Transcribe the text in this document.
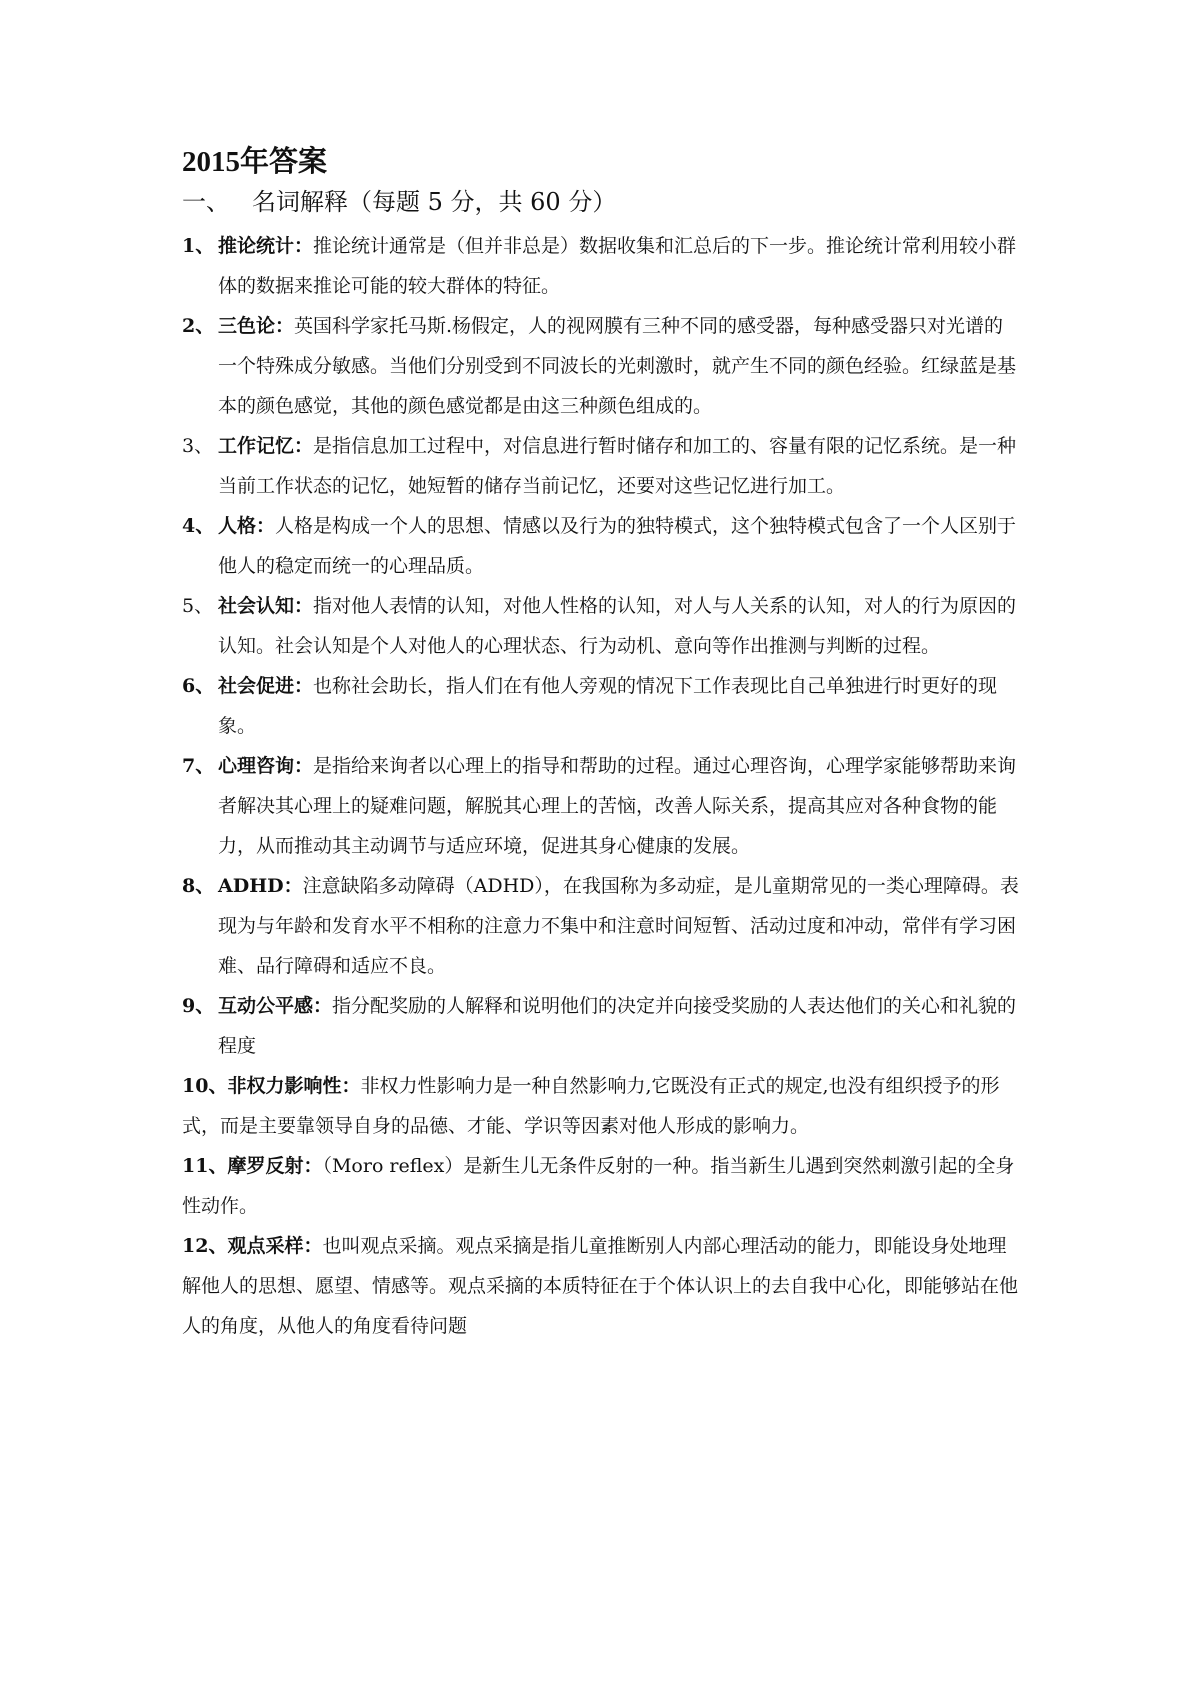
2015年答案
一、 名词解释（每题 5 分，共 60 分）

1、 推论统计：推论统计通常是（但并非总是）数据收集和汇总后的下一步。推论统计常利用较小群体的数据来推论可能的较大群体的特征。

2、 三色论：英国科学家托马斯.杨假定，人的视网膜有三种不同的感受器，每种感受器只对光谱的一个特殊成分敏感。当他们分别受到不同波长的光刺激时，就产生不同的颜色经验。红绿蓝是基本的颜色感觉，其他的颜色感觉都是由这三种颜色组成的。

3、 工作记忆：是指信息加工过程中，对信息进行暂时储存和加工的、容量有限的记忆系统。是一种当前工作状态的记忆，她短暂的储存当前记忆，还要对这些记忆进行加工。

4、 人格：人格是构成一个人的思想、情感以及行为的独特模式，这个独特模式包含了一个人区别于他人的稳定而统一的心理品质。

5、 社会认知：指对他人表情的认知，对他人性格的认知，对人与人关系的认知，对人的行为原因的认知。社会认知是个人对他人的心理状态、行为动机、意向等作出推测与判断的过程。

6、 社会促进：也称社会助长，指人们在有他人旁观的情况下工作表现比自己单独进行时更好的现象。

7、 心理咨询：是指给来询者以心理上的指导和帮助的过程。通过心理咨询，心理学家能够帮助来询者解决其心理上的疑难问题，解脱其心理上的苦恼，改善人际关系，提高其应对各种食物的能力，从而推动其主动调节与适应环境，促进其身心健康的发展。

8、 ADHD：注意缺陷多动障碍（ADHD），在我国称为多动症，是儿童期常见的一类心理障碍。表现为与年龄和发育水平不相称的注意力不集中和注意时间短暂、活动过度和冲动，常伴有学习困难、品行障碍和适应不良。

9、 互动公平感：指分配奖励的人解释和说明他们的决定并向接受奖励的人表达他们的关心和礼貌的程度

10、非权力影响性：非权力性影响力是一种自然影响力,它既没有正式的规定,也没有组织授予的形式，而是主要靠领导自身的品德、才能、学识等因素对他人形成的影响力。

11、摩罗反射：（Moro reflex）是新生儿无条件反射的一种。指当新生儿遇到突然刺激引起的全身性动作。

12、观点采样：也叫观点采摘。观点采摘是指儿童推断别人内部心理活动的能力，即能设身处地理解他人的思想、愿望、情感等。观点采摘的本质特征在于个体认识上的去自我中心化，即能够站在他人的角度，从他人的角度看待问题
